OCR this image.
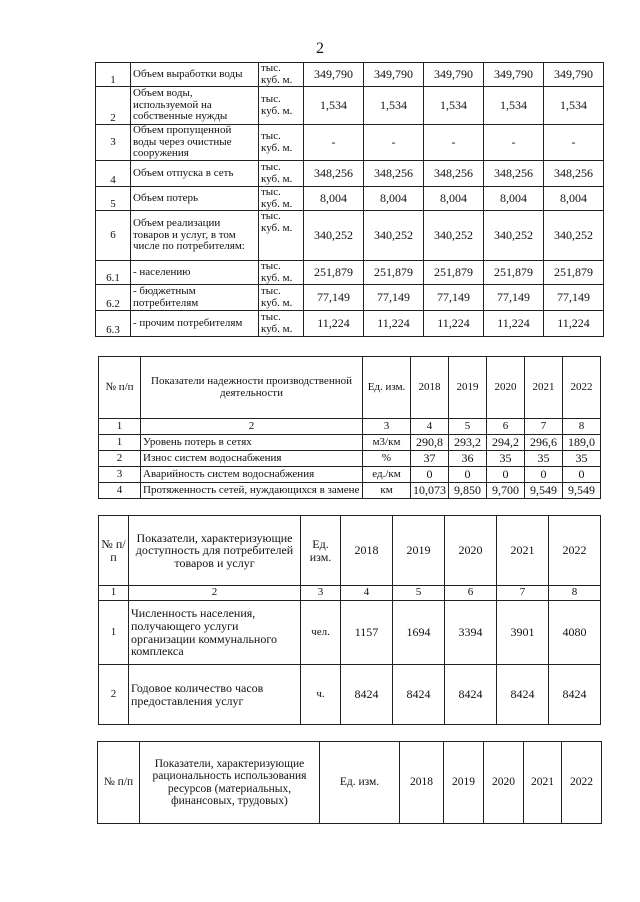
2
1	Объем выработки воды	тыс. куб. м.	349,790	349,790	349,790	349,790	349,790
2	Объем воды, используемой на собственные нужды	тыс. куб. м.	1,534	1,534	1,534	1,534	1,534
3	Объем пропущенной воды через очистные сооружения	тыс. куб. м.	-	-	-	-	-
4	Объем отпуска в сеть	тыс. куб. м.	348,256	348,256	348,256	348,256	348,256
5	Объем потерь	тыс. куб. м.	8,004	8,004	8,004	8,004	8,004
6	Объем реализации товаров и услуг, в том числе по потребителям:	тыс. куб. м.	340,252	340,252	340,252	340,252	340,252
6.1	- населению	тыс. куб. м.	251,879	251,879	251,879	251,879	251,879
6.2	- бюджетным потребителям	тыс. куб. м.	77,149	77,149	77,149	77,149	77,149
6.3	- прочим потребителям	тыс. куб. м.	11,224	11,224	11,224	11,224	11,224
№ п/п	Показатели надежности производственной деятельности	Ед. изм.	2018	2019	2020	2021	2022
1	2	3	4	5	6	7	8
1	Уровень потерь в сетях	м3/км	290,8	293,2	294,2	296,6	189,0
2	Износ систем водоснабжения	%	37	36	35	35	35
3	Аварийность систем водоснабжения	ед./км	0	0	0	0	0
4	Протяженность сетей, нуждающихся в замене	км	10,073	9,850	9,700	9,549	9,549
№ п/п	Показатели, характеризующие доступность для потребителей товаров и услуг	Ед. изм.	2018	2019	2020	2021	2022
1	2	3	4	5	6	7	8
1	Численность населения, получающего услуги организации коммунального комплекса	чел.	1157	1694	3394	3901	4080
2	Годовое количество часов предоставления услуг	ч.	8424	8424	8424	8424	8424
№ п/п	Показатели, характеризующие рациональность использования ресурсов (материальных, финансовых, трудовых)	Ед. изм.	2018	2019	2020	2021	2022
